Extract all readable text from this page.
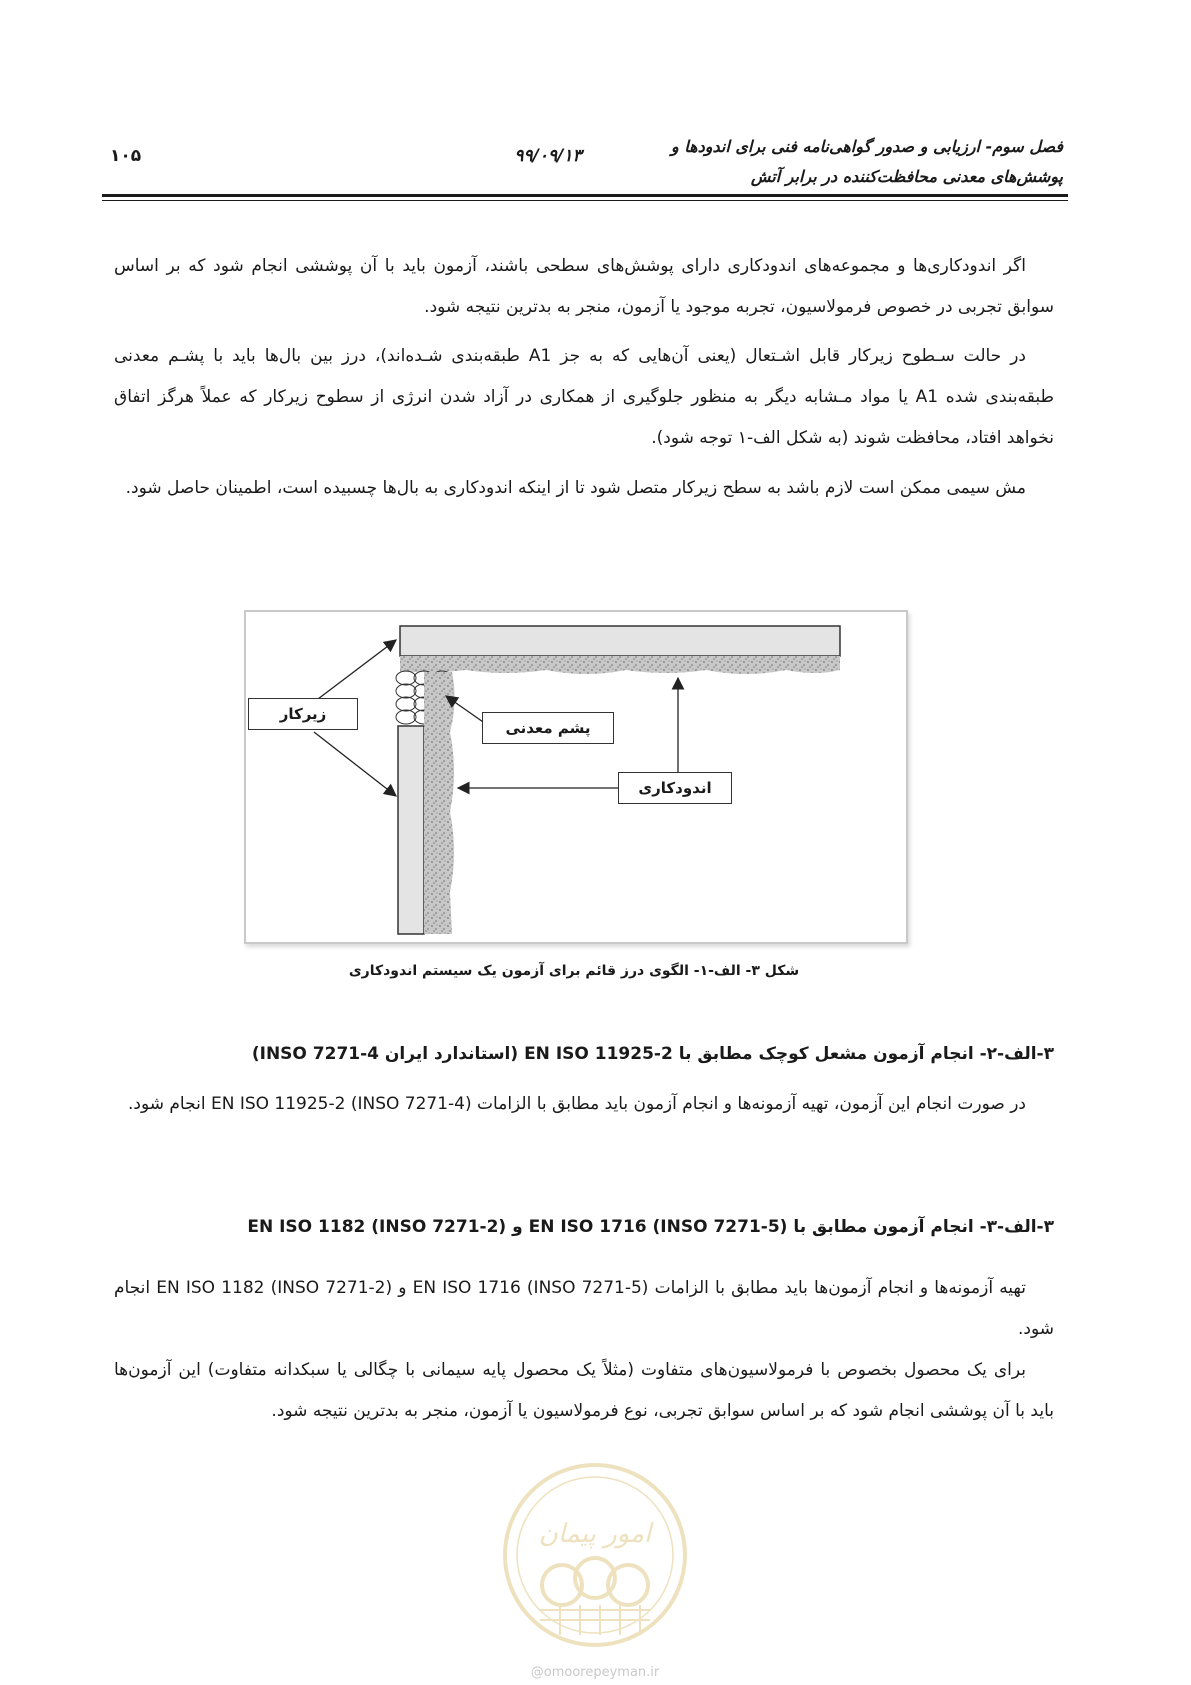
فصل سوم- ارزیابی و صدور گواهی‌نامه فنی برای اندودها و
پوشش‌های معدنی محافظت‌کننده در برابر آتش
۹۹/۰۹/۱۳
۱۰۵
اگر اندودکاری‌ها و مجموعه‌های اندودکاری دارای پوشش‌های سطحی باشند، آزمون باید با آن پوششی انجام شود که بر اساس سوابق تجربی در خصوص فرمولاسیون، تجربه موجود یا آزمون، منجر به بدترین نتیجه شود.
در حالت سـطوح زیرکار قابل اشـتعال (یعنی آن‌هایی که به جز A1 طبقه‌بندی شـده‌اند)، درز بین بال‌ها باید با پشـم معدنی طبقه‌بندی شده A1 یا مواد مـشابه دیگر به منظور جلوگیری از همکاری در آزاد شدن انرژی از سطوح زیرکار که عملاً هرگز اتفاق نخواهد افتاد، محافظت شوند (به شکل الف-۱ توجه شود).
مش سیمی ممکن است لازم باشد به سطح زیرکار متصل شود تا از اینکه اندودکاری به بال‌ها چسبیده است، اطمینان حاصل شود.
زیرکار
پشم معدنی
اندودکاری
شکل ۳- الف-۱- الگوی درز قائم برای آزمون یک سیستم اندودکاری
۳-الف-۲- انجام آزمون مشعل کوچک مطابق با EN ISO 11925-2 (استاندارد ایران INSO 7271-4)
در صورت انجام این آزمون، تهیه آزمونه‌ها و انجام آزمون باید مطابق با الزامات EN ISO 11925-2 (INSO 7271-4) انجام شود.
۳-الف-۳- انجام آزمون مطابق با EN ISO 1716 (INSO 7271-5) و EN ISO 1182 (INSO 7271-2)
تهیه آزمونه‌ها و انجام آزمون‌ها باید مطابق با الزامات EN ISO 1716 (INSO 7271-5) و EN ISO 1182 (INSO 7271-2) انجام شود.
برای یک محصول بخصوص با فرمولاسیون‌های متفاوت (مثلاً یک محصول پایه سیمانی با چگالی یا سبکدانه متفاوت) این آزمون‌ها باید با آن پوششی انجام شود که بر اساس سوابق تجربی، نوع فرمولاسیون یا آزمون، منجر به بدترین نتیجه شود.
امور پیمان
@omoorepeyman.ir
